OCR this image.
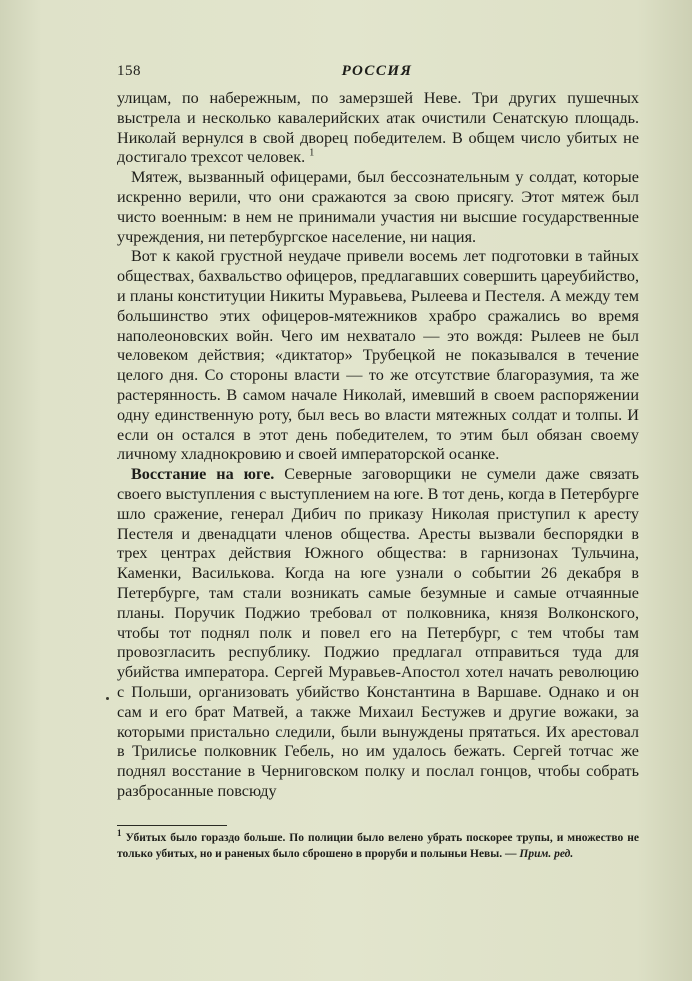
158	РОССИЯ

улицам, по набережным, по замерзшей Неве. Три других пушечных выстрела и несколько кавалерийских атак очистили Сенатскую площадь. Николай вернулся в свой дворец победителем. В общем число убитых не достигало трехсот человек. $^1$

Мятеж, вызванный офицерами, был бессознательным у солдат, которые искренно верили, что они сражаются за свою присягу. Этот мятеж был чисто военным: в нем не принимали участия ни высшие государственные учреждения, ни петербургское население, ни нация.

Вот к какой грустной неудаче привели восемь лет подготовки в тайных обществах, бахвальство офицеров, предлагавших совершить цареубийство, и планы конституции Никиты Муравьева, Рылеева и Пестеля. А между тем большинство этих офицеров-мятежников храбро сражались во время наполеоновских войн. Чего им нехватало — это вождя: Рылеев не был человеком действия; «диктатор» Трубецкой не показывался в течение целого дня. Со стороны власти — то же отсутствие благоразумия, та же растерянность. В самом начале Николай, имевший в своем распоряжении одну единственную роту, был весь во власти мятежных солдат и толпы. И если он остался в этот день победителем, то этим был обязан своему личному хладнокровию и своей императорской осанке.

Восстание на юге. Северные заговорщики не сумели даже связать своего выступления с выступлением на юге. В тот день, когда в Петербурге шло сражение, генерал Дибич по приказу Николая приступил к аресту Пестеля и двенадцати членов общества. Аресты вызвали беспорядки в трех центрах действия Южного общества: в гарнизонах Тульчина, Каменки, Василькова. Когда на юге узнали о событии 26 декабря в Петербурге, там стали возникать самые безумные и самые отчаянные планы. Поручик Поджио требовал от полковника, князя Волконского, чтобы тот поднял полк и повел его на Петербург, с тем чтобы там провозгласить республику. Поджио предлагал отправиться туда для убийства императора. Сергей Муравьев-Апостол хотел начать революцию с Польши, организовать убийство Константина в Варшаве. Однако и он сам и его брат Матвей, а также Михаил Бестужев и другие вожаки, за которыми пристально следили, были вынуждены прятаться. Их арестовал в Трилисье полковник Гебель, но им удалось бежать. Сергей тотчас же поднял восстание в Черниговском полку и послал гонцов, чтобы собрать разбросанные повсюду

$^1$ Убитых было гораздо больше. По полиции было велено убрать поскорее трупы, и множество не только убитых, но и раненых было сброшено в проруби и полыньи Невы. — Прим. ред.
